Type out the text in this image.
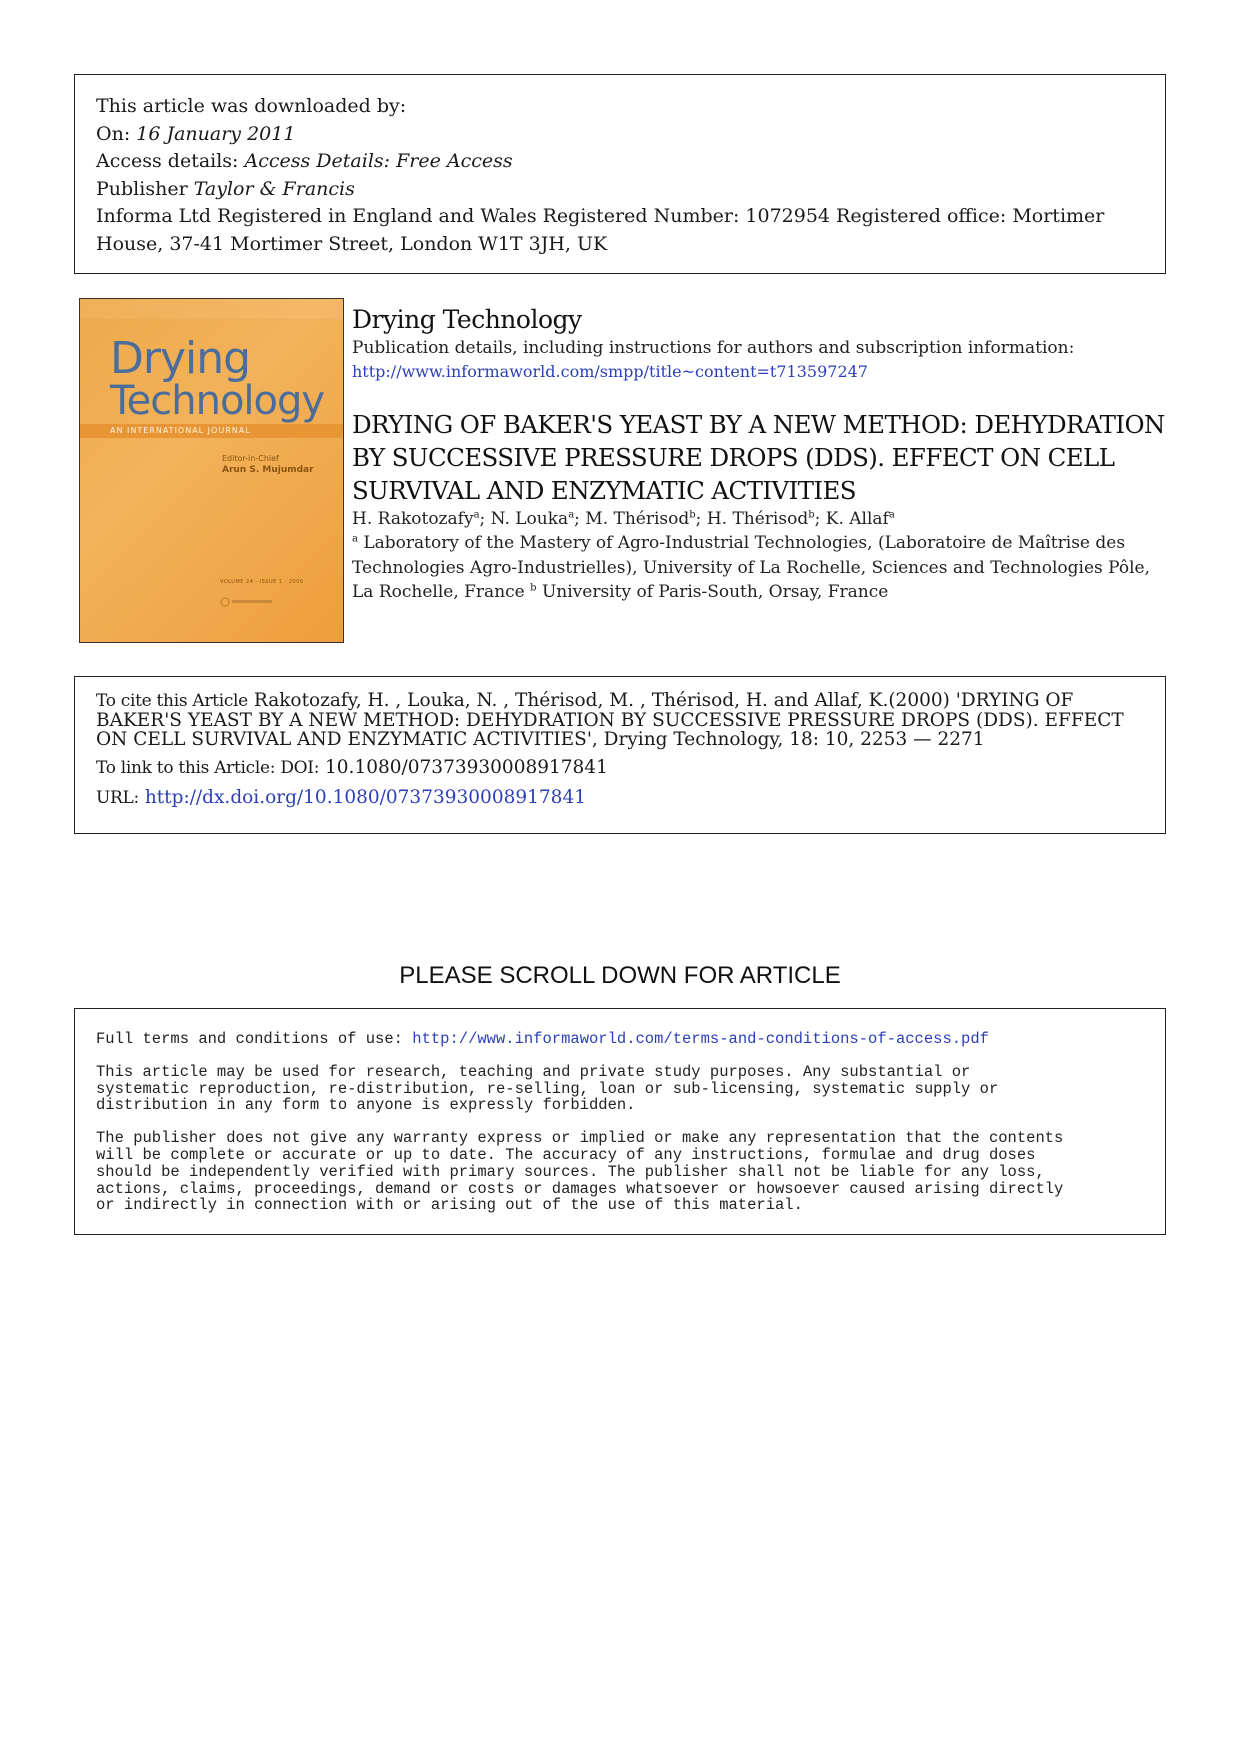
This article was downloaded by:
On: 16 January 2011
Access details: Access Details: Free Access
Publisher Taylor & Francis
Informa Ltd Registered in England and Wales Registered Number: 1072954 Registered office: Mortimer House, 37-41 Mortimer Street, London W1T 3JH, UK
Drying
Technology
AN INTERNATIONAL JOURNAL
Editor-in-Chief
Arun S. Mujumdar
VOLUME 24 · ISSUE 1 · 2006
Drying Technology
Publication details, including instructions for authors and subscription information:
http://www.informaworld.com/smpp/title~content=t713597247
DRYING OF BAKER'S YEAST BY A NEW METHOD: DEHYDRATION BY SUCCESSIVE PRESSURE DROPS (DDS). EFFECT ON CELL SURVIVAL AND ENZYMATIC ACTIVITIES
H. Rakotozafy$^a$; N. Louka$^a$; M. Thérisod$^b$; H. Thérisod$^b$; K. Allaf$^a$
$^a$ Laboratory of the Mastery of Agro-Industrial Technologies, (Laboratoire de Maîtrise des Technologies Agro-Industrielles), University of La Rochelle, Sciences and Technologies Pôle, La Rochelle, France $^b$ University of Paris-South, Orsay, France
To cite this Article Rakotozafy, H. , Louka, N. , Thérisod, M. , Thérisod, H. and Allaf, K.(2000) 'DRYING OF BAKER'S YEAST BY A NEW METHOD: DEHYDRATION BY SUCCESSIVE PRESSURE DROPS (DDS). EFFECT ON CELL SURVIVAL AND ENZYMATIC ACTIVITIES', Drying Technology, 18: 10, 2253 — 2271
To link to this Article: DOI: 10.1080/07373930008917841
URL: http://dx.doi.org/10.1080/07373930008917841
PLEASE SCROLL DOWN FOR ARTICLE

Full terms and conditions of use: http://www.informaworld.com/terms-and-conditions-of-access.pdf

This article may be used for research, teaching and private study purposes. Any substantial or
systematic reproduction, re-distribution, re-selling, loan or sub-licensing, systematic supply or
distribution in any form to anyone is expressly forbidden.

The publisher does not give any warranty express or implied or make any representation that the contents
will be complete or accurate or up to date. The accuracy of any instructions, formulae and drug doses
should be independently verified with primary sources. The publisher shall not be liable for any loss,
actions, claims, proceedings, demand or costs or damages whatsoever or howsoever caused arising directly
or indirectly in connection with or arising out of the use of this material.
